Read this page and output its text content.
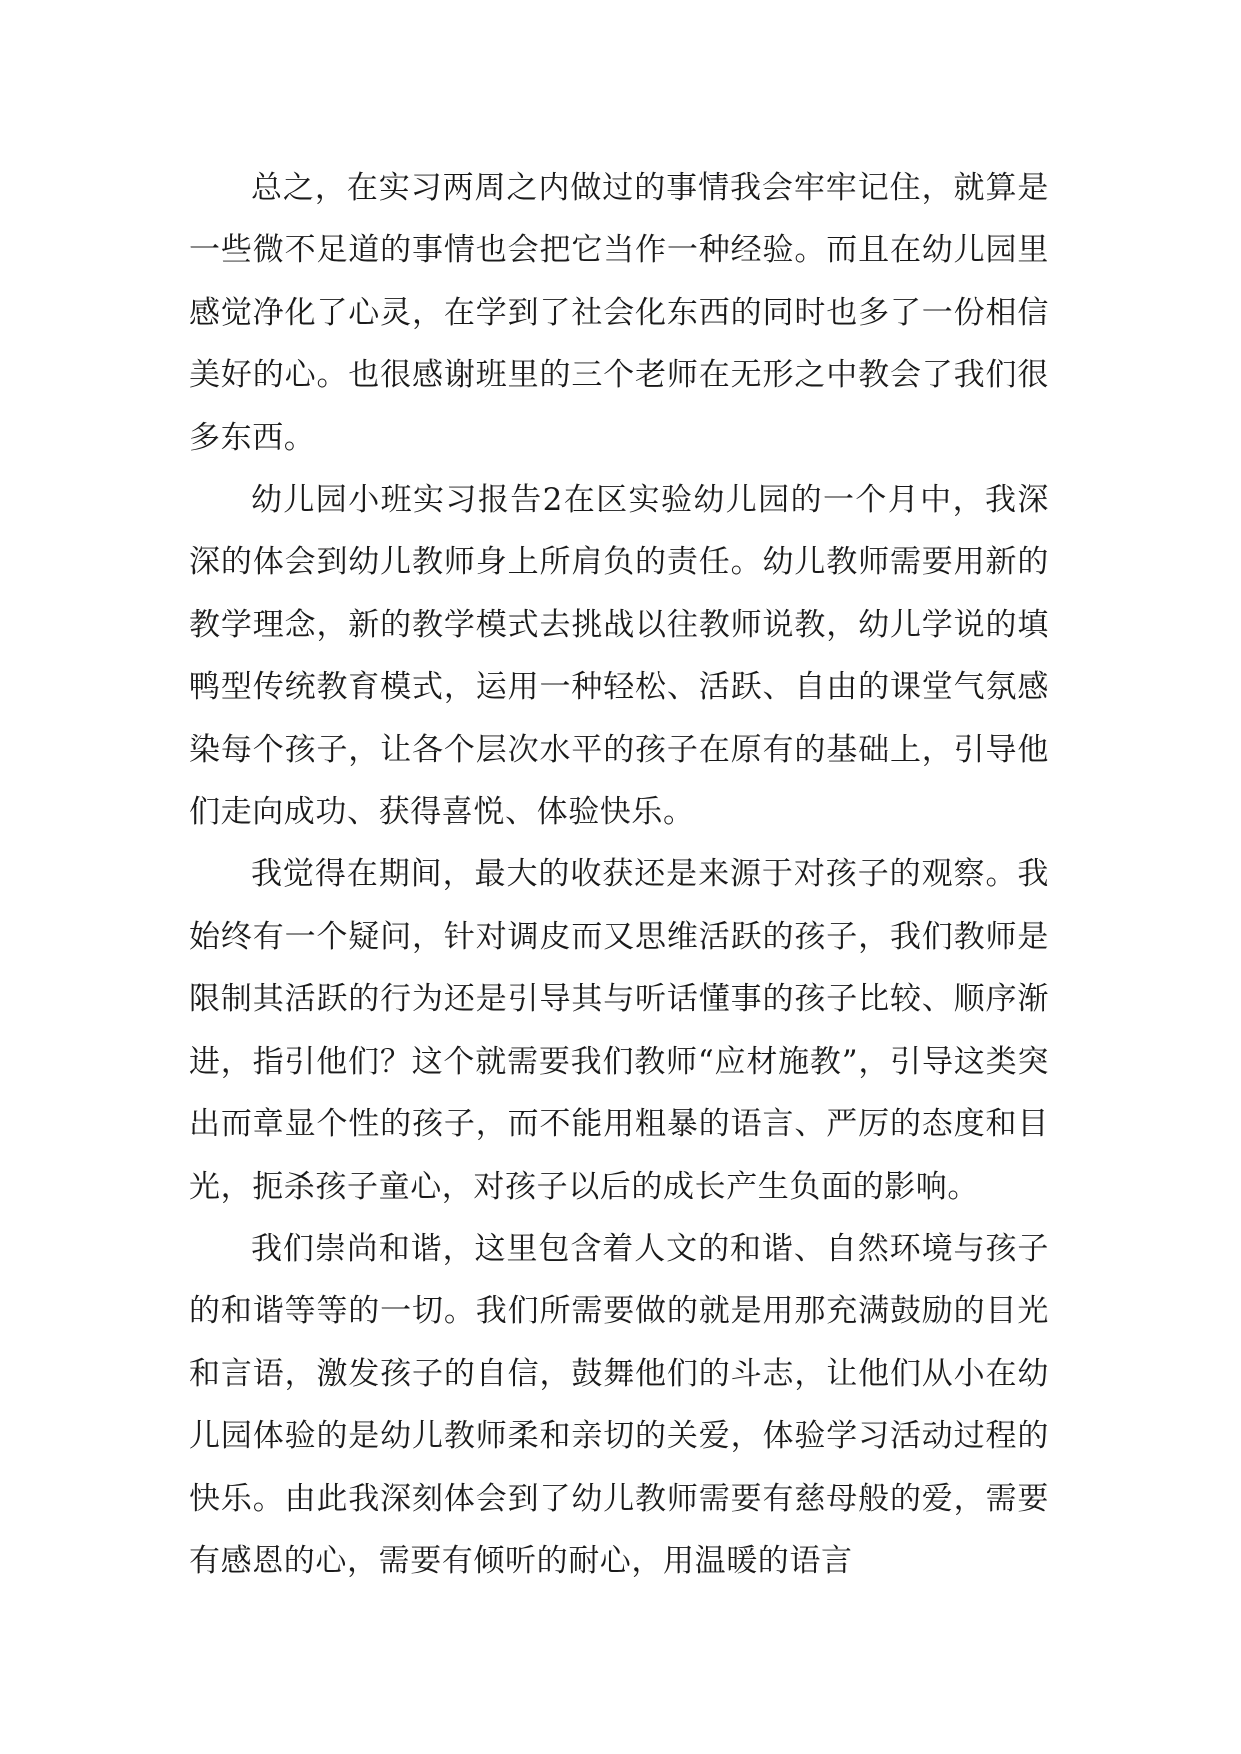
总之，在实习两周之内做过的事情我会牢牢记住，就算是一些微不足道的事情也会把它当作一种经验。而且在幼儿园里感觉净化了心灵，在学到了社会化东西的同时也多了一份相信美好的心。也很感谢班里的三个老师在无形之中教会了我们很多东西。

幼儿园小班实习报告2在区实验幼儿园的一个月中，我深深的体会到幼儿教师身上所肩负的责任。幼儿教师需要用新的教学理念，新的教学模式去挑战以往教师说教，幼儿学说的填鸭型传统教育模式，运用一种轻松、活跃、自由的课堂气氛感染每个孩子，让各个层次水平的孩子在原有的基础上，引导他们走向成功、获得喜悦、体验快乐。

我觉得在期间，最大的收获还是来源于对孩子的观察。我始终有一个疑问，针对调皮而又思维活跃的孩子，我们教师是限制其活跃的行为还是引导其与听话懂事的孩子比较、顺序渐进，指引他们？这个就需要我们教师“应材施教”，引导这类突出而章显个性的孩子，而不能用粗暴的语言、严厉的态度和目光，扼杀孩子童心，对孩子以后的成长产生负面的影响。

我们崇尚和谐，这里包含着人文的和谐、自然环境与孩子的和谐等等的一切。我们所需要做的就是用那充满鼓励的目光和言语，激发孩子的自信，鼓舞他们的斗志，让他们从小在幼儿园体验的是幼儿教师柔和亲切的关爱，体验学习活动过程的快乐。由此我深刻体会到了幼儿教师需要有慈母般的爱，需要有感恩的心，需要有倾听的耐心，用温暖的语言
